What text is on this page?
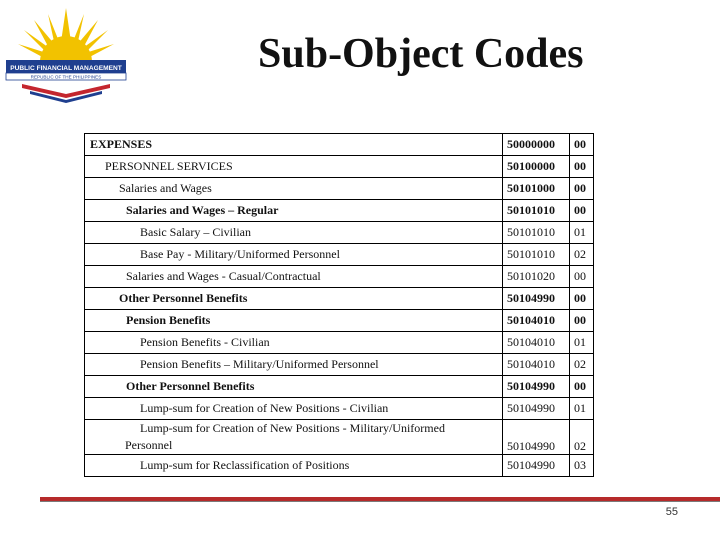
PUBLIC FINANCIAL MANAGEMENT
REPUBLIC OF THE PHILIPPINES	Sub-Object Codes
EXPENSES	50000000	00
PERSONNEL SERVICES	50100000	00
Salaries and Wages	50101000	00
Salaries and Wages – Regular	50101010	00
Basic Salary – Civilian	50101010	01
Base Pay - Military/Uniformed Personnel	50101010	02
Salaries and Wages - Casual/Contractual	50101020	00
Other Personnel Benefits	50104990	00
Pension Benefits	50104010	00
Pension Benefits - Civilian	50104010	01
Pension Benefits – Military/Uniformed Personnel	50104010	02
Other Personnel Benefits	50104990	00
Lump-sum for Creation of New Positions - Civilian	50104990	01

Lump-sum for Creation of New Positions - Military/Uniformed
Personnel	50104990	02
Lump-sum for Reclassification of Positions	50104990	03
55
